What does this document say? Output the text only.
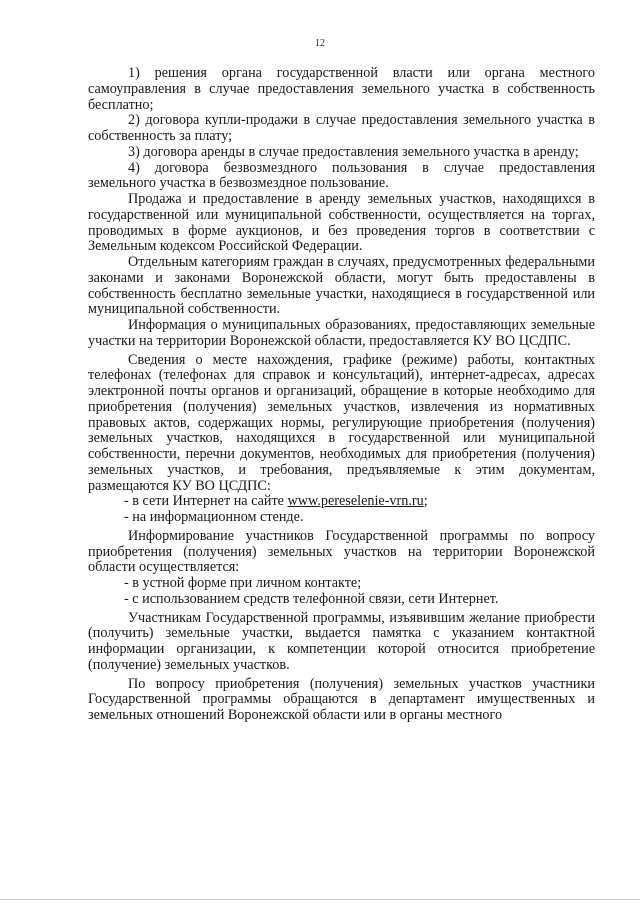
12

1) решения органа государственной власти или органа местного самоуправления в случае предоставления земельного участка в собственность бесплатно;

2) договора купли-продажи в случае предоставления земельного участка в собственность за плату;

3) договора аренды в случае предоставления земельного участка в аренду;

4) договора безвозмездного пользования в случае предоставления земельного участка в безвозмездное пользование.

Продажа и предоставление в аренду земельных участков, находящихся в государственной или муниципальной собственности, осуществляется на торгах, проводимых в форме аукционов, и без проведения торгов в соответствии с Земельным кодексом Российской Федерации.

Отдельным категориям граждан в случаях, предусмотренных федеральными законами и законами Воронежской области, могут быть предоставлены в собственность бесплатно земельные участки, находящиеся в государственной или муниципальной собственности.

Информация о муниципальных образованиях, предоставляющих земельные участки на территории Воронежской области, предоставляется КУ ВО ЦСДПС.

Сведения о месте нахождения, графике (режиме) работы, контактных телефонах (телефонах для справок и консультаций), интернет-адресах, адресах электронной почты органов и организаций, обращение в которые необходимо для приобретения (получения) земельных участков, извлечения из нормативных правовых актов, содержащих нормы, регулирующие приобретения (получения) земельных участков, находящихся в государственной или муниципальной собственности, перечни документов, необходимых для приобретения (получения) земельных участков, и требования, предъявляемые к этим документам, размещаются КУ ВО ЦСДПС:

- в сети Интернет на сайте www.pereselenie-vrn.ru;

- на информационном стенде.

Информирование участников Государственной программы по вопросу приобретения (получения) земельных участков на территории Воронежской области осуществляется:

- в устной форме при личном контакте;

- с использованием средств телефонной связи, сети Интернет.

Участникам Государственной программы, изъявившим желание приобрести (получить) земельные участки, выдается памятка с указанием контактной информации организации, к компетенции которой относится приобретение (получение) земельных участков.

По вопросу приобретения (получения) земельных участков участники Государственной программы обращаются в департамент имущественных и земельных отношений Воронежской области или в органы местного
